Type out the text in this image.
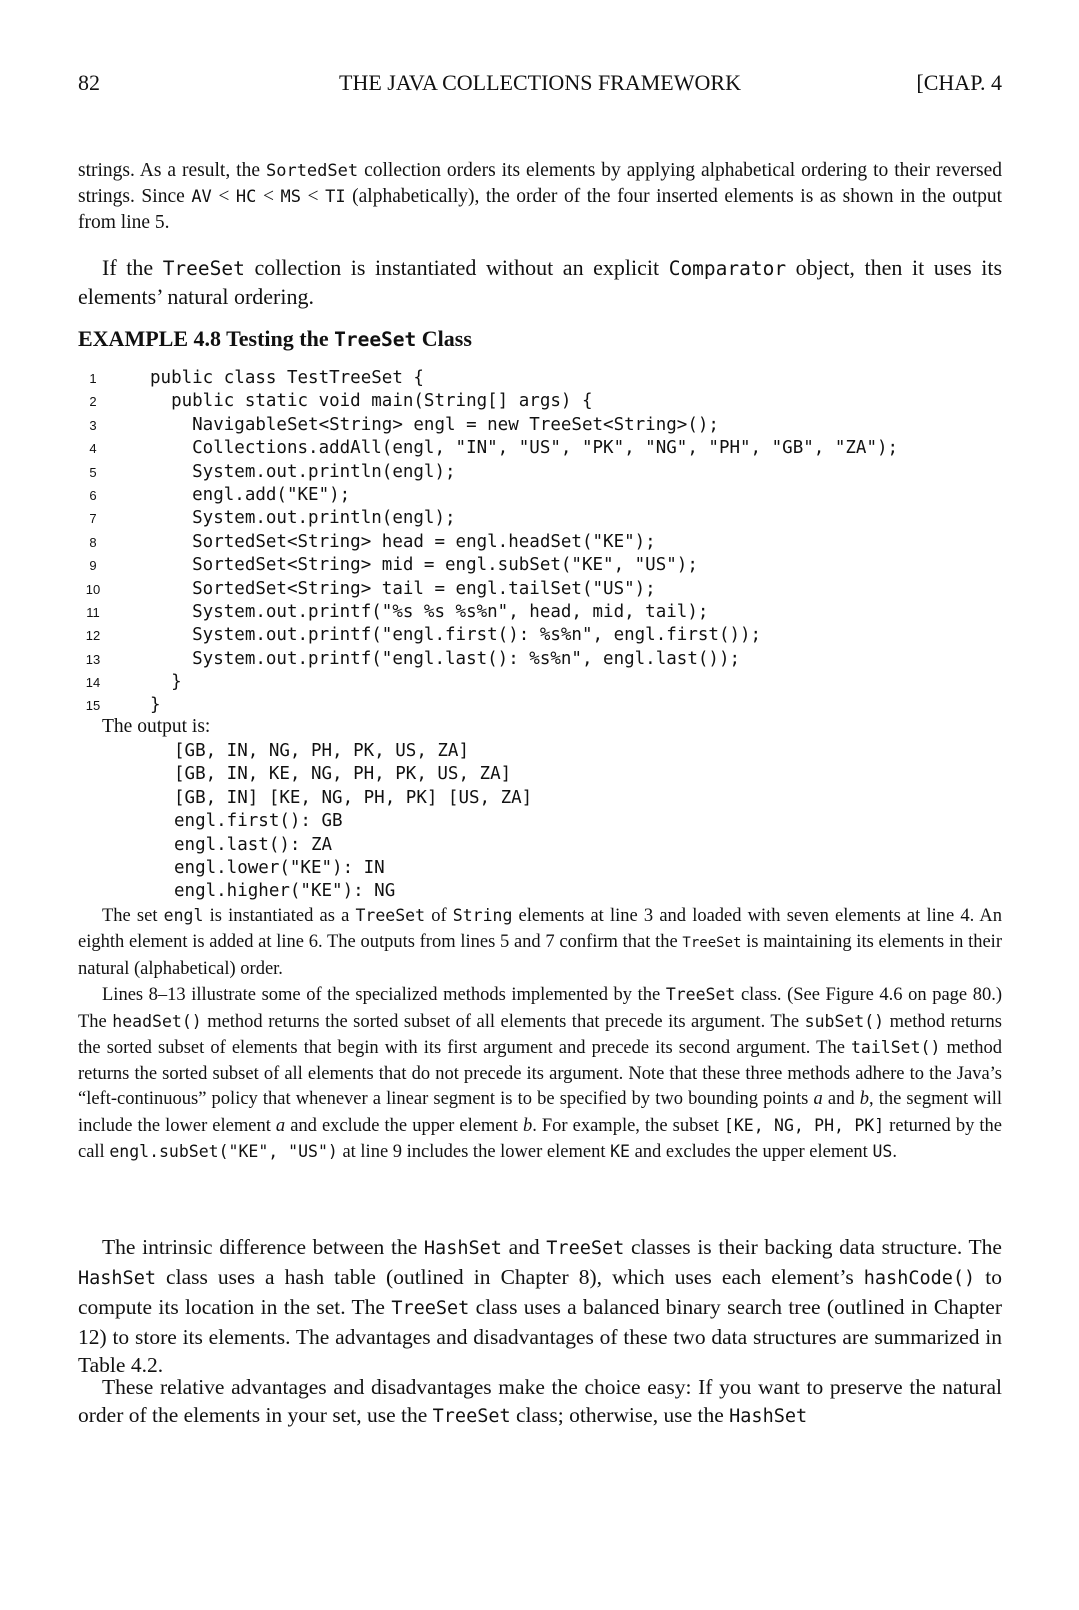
82	THE JAVA COLLECTIONS FRAMEWORK	[CHAP. 4
strings. As a result, the SortedSet collection orders its elements by applying alphabetical ordering to their reversed strings. Since AV < HC < MS < TI (alphabetically), the order of the four inserted elements is as shown in the output from line 5.
If the TreeSet collection is instantiated without an explicit Comparator object, then it uses its elements’ natural ordering.
EXAMPLE 4.8 Testing the TreeSet Class
1	public class TestTreeSet {
2	public static void main(String[] args) {
3	NavigableSet<String> engl = new TreeSet<String>();
4	Collections.addAll(engl, "IN", "US", "PK", "NG", "PH", "GB", "ZA");
5	System.out.println(engl);
6	engl.add("KE");
7	System.out.println(engl);
8	SortedSet<String> head = engl.headSet("KE");
9	SortedSet<String> mid = engl.subSet("KE", "US");
10	SortedSet<String> tail = engl.tailSet("US");
11	System.out.printf("%s %s %s%n", head, mid, tail);
12	System.out.printf("engl.first(): %s%n", engl.first());
13	System.out.printf("engl.last(): %s%n", engl.last());
14	}
15	}
The output is:
[GB, IN, NG, PH, PK, US, ZA]
[GB, IN, KE, NG, PH, PK, US, ZA]
[GB, IN] [KE, NG, PH, PK] [US, ZA]
engl.first(): GB
engl.last(): ZA
engl.lower("KE"): IN
engl.higher("KE"): NG
The set engl is instantiated as a TreeSet of String elements at line 3 and loaded with seven elements at line 4. An eighth element is added at line 6. The outputs from lines 5 and 7 confirm that the TreeSet is maintaining its elements in their natural (alphabetical) order.
Lines 8–13 illustrate some of the specialized methods implemented by the TreeSet class. (See Figure 4.6 on page 80.) The headSet() method returns the sorted subset of all elements that precede its argument. The subSet() method returns the sorted subset of elements that begin with its first argument and precede its second argument. The tailSet() method returns the sorted subset of all elements that do not precede its argument. Note that these three methods adhere to the Java’s “left-continuous” policy that whenever a linear segment is to be specified by two bounding points a and b, the segment will include the lower element a and exclude the upper element b. For example, the subset [KE, NG, PH, PK] returned by the call engl.subSet("KE", "US") at line 9 includes the lower element KE and excludes the upper element US.
The intrinsic difference between the HashSet and TreeSet classes is their backing data structure. The HashSet class uses a hash table (outlined in Chapter 8), which uses each element’s hashCode() to compute its location in the set. The TreeSet class uses a balanced binary search tree (outlined in Chapter 12) to store its elements. The advantages and disadvantages of these two data structures are summarized in Table 4.2.
These relative advantages and disadvantages make the choice easy: If you want to preserve the natural order of the elements in your set, use the TreeSet class; otherwise, use the HashSet
